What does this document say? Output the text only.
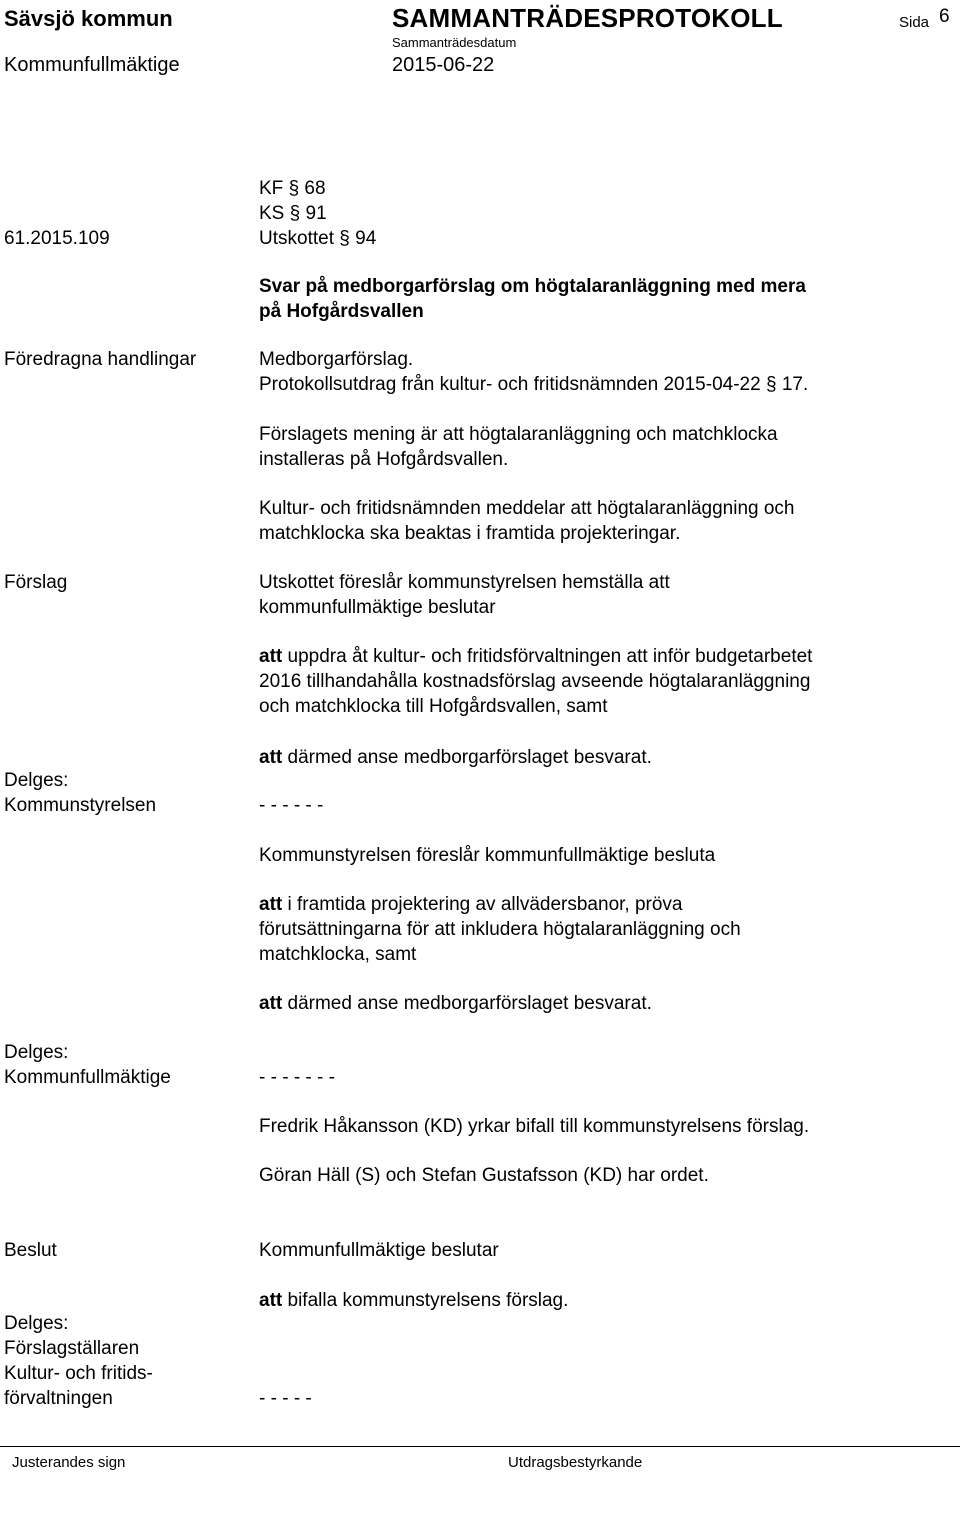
Sävsjö kommun	SAMMANTRÄDESPROTOKOLL	Sida 6
Sammanträdesdatum
Kommunfullmäktige	2015-06-22
KF § 68
KS § 91
61.2015.109	Utskottet § 94
Svar på medborgarförslag om högtalaranläggning med mera
på Hofgårdsvallen
Föredragna handlingar	Medborgarförslag.
Protokollsutdrag från kultur- och fritidsnämnden 2015-04-22 § 17.
Förslagets mening är att högtalaranläggning och matchklocka
installeras på Hofgårdsvallen.
Kultur- och fritidsnämnden meddelar att högtalaranläggning och
matchklocka ska beaktas i framtida projekteringar.
Förslag	Utskottet föreslår kommunstyrelsen hemställa att
kommunfullmäktige beslutar
att uppdra åt kultur- och fritidsförvaltningen att inför budgetarbetet
2016 tillhandahålla kostnadsförslag avseende högtalaranläggning
och matchklocka till Hofgårdsvallen, samt
att därmed anse medborgarförslaget besvarat.
Delges:
Kommunstyrelsen	- - - - - -
Kommunstyrelsen föreslår kommunfullmäktige besluta
att i framtida projektering av allvädersbanor, pröva
förutsättningarna för att inkludera högtalaranläggning och
matchklocka, samt
att därmed anse medborgarförslaget besvarat.
Delges:
Kommunfullmäktige	- - - - - - -
Fredrik Håkansson (KD) yrkar bifall till kommunstyrelsens förslag.
Göran Häll (S) och Stefan Gustafsson (KD) har ordet.
Beslut	Kommunfullmäktige beslutar
att bifalla kommunstyrelsens förslag.
Delges:
Förslagställaren
Kultur- och fritids-
förvaltningen	- - - - -
Justerandes sign	Utdragsbestyrkande
